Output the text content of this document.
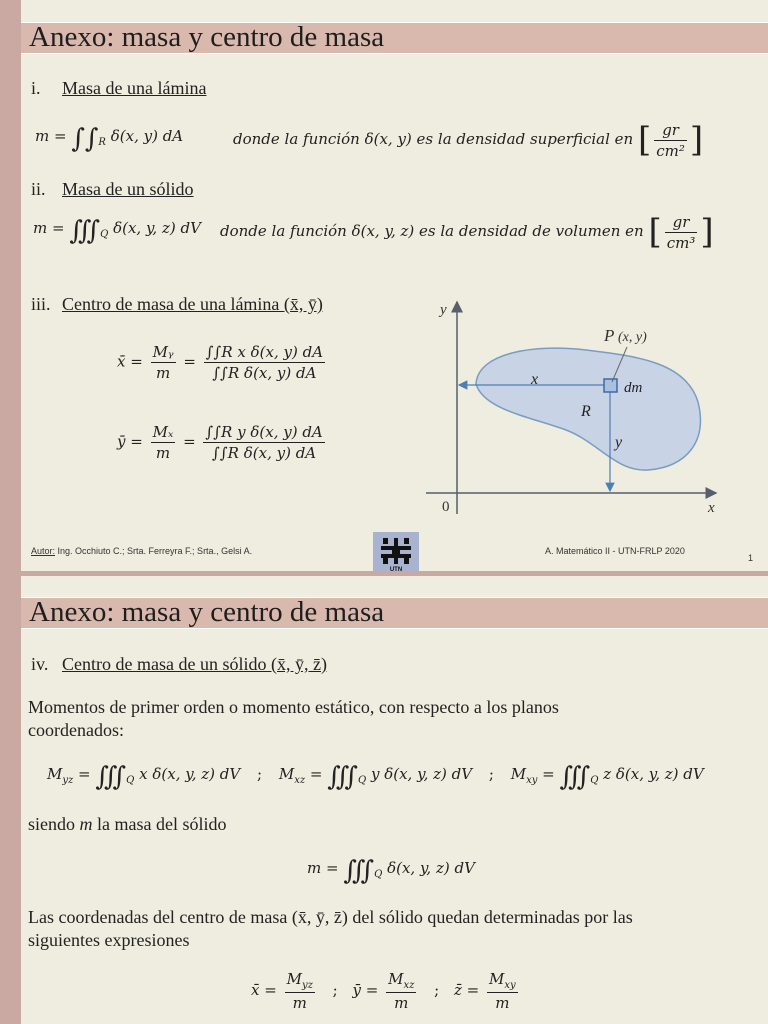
Anexo: masa y centro de masa
i. Masa de una lámina
$m = \int\int_R$ δ(x, y) dA	donde la función δ(x, y) es la densidad superficial en [ $\frac{gr}{\text{cm²}}$ ]
ii. Masa de un sólido
$m = ∭_Q$ δ(x, y, z) dV donde la función δ(x, y, z) es la densidad de volumen en [ $\frac{gr}{\text{cm³}}$ ]
iii. Centro de masa de una lámina (x̄, ȳ)
x̄ = $\frac{\text{Mᵧ}}{m} = \frac{\text{∫∫R x δ(x, y) dA}}{\text{∫∫R δ(x, y) dA}}$
ȳ = $\frac{\text{Mₓ}}{m} = \frac{\text{∫∫R y δ(x, y) dA}}{\text{∫∫R δ(x, y) dA}}$
y
x
0
P (x, y)
dm
R
x
y
Autor: Ing. Occhiuto C.; Srta. Ferreyra F.; Srta., Gelsi A.
UTN
A. Matemático II - UTN-FRLP 2020
1
Anexo: masa y centro de masa
iv. Centro de masa de un sólido (x̄, ȳ, z̄)
Momentos de primer orden o momento estático, con respecto a los planos
coordenados:
$M_{yz}$ = $∭_Q$ x δ(x, y, z) dV ; $M_{xz}$ = $∭_Q$ y δ(x, y, z) dV ; $M_{xy}$ = $∭_Q$ z δ(x, y, z) dV
siendo m la masa del sólido
$m = ∭_Q$ δ(x, y, z) dV
Las coordenadas del centro de masa (x̄, ȳ, z̄) del sólido quedan determinadas por las
siguientes expresiones
x̄ = $\frac{M_{yz}}{m}$ ; ȳ = $\frac{M_{xz}}{m}$ ; z̄ = $\frac{M_{xy}}{m}$
